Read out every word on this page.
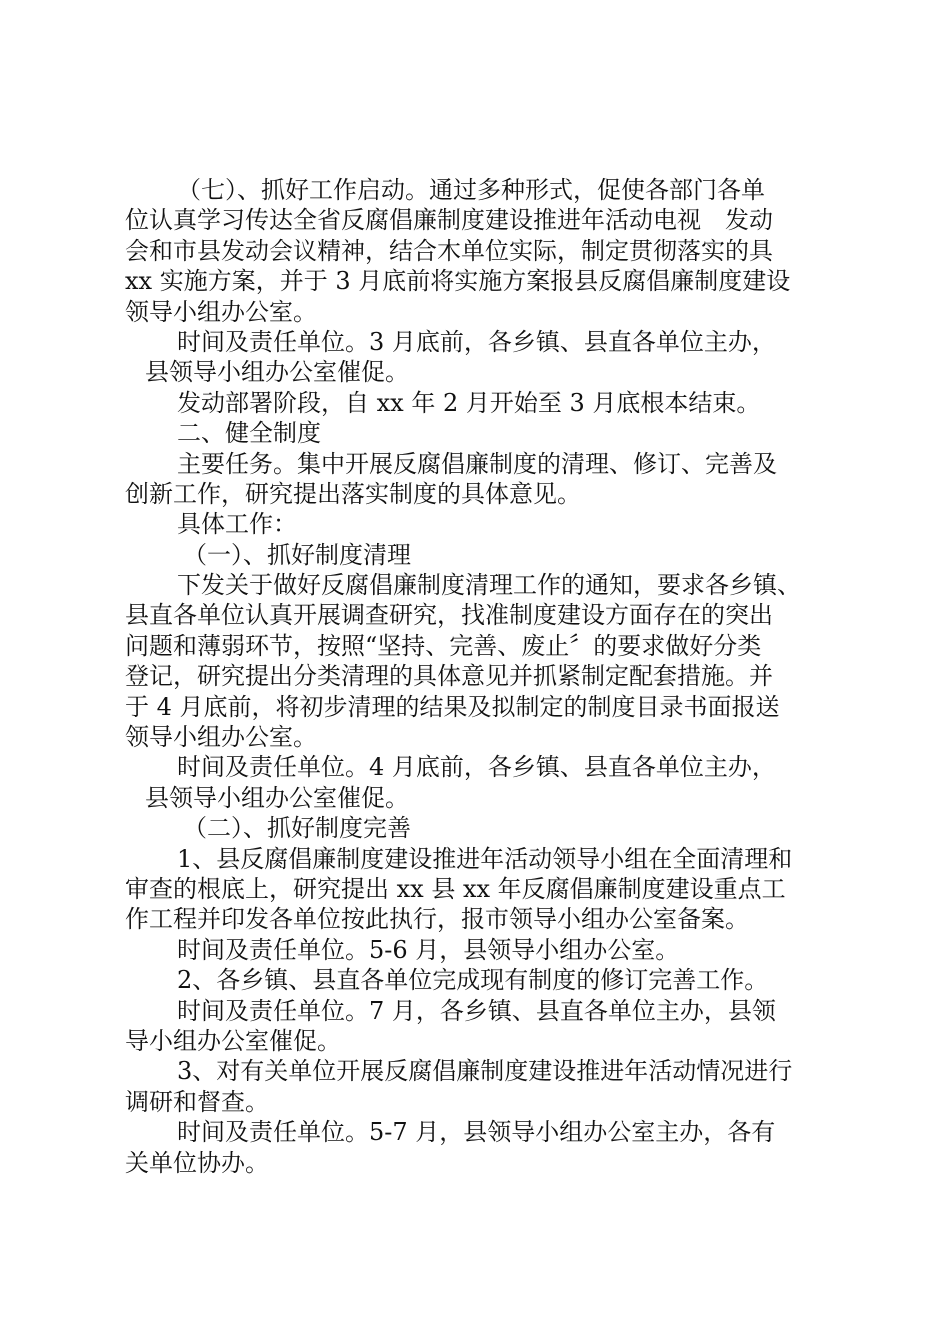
（七）、抓好工作启动。通过多种形式，促使各部门各单
位认真学习传达全省反腐倡廉制度建设推进年活动电视　发动
会和市县发动会议精神，结合木单位实际，制定贯彻落实的具
xx 实施方案，并于 3 月底前将实施方案报县反腐倡廉制度建设
领导小组办公室。
时间及责任单位。3 月底前，各乡镇、县直各单位主办，
县领导小组办公室催促。
发动部署阶段，自 xx 年 2 月开始至 3 月底根本结束。
二、健全制度
主要任务。集中开展反腐倡廉制度的清理、修订、完善及
创新工作，研究提出落实制度的具体意见。
具体工作：
（一）、抓好制度清理
下发关于做好反腐倡廉制度清理工作的通知，要求各乡镇、
县直各单位认真开展调查研究，找准制度建设方面存在的突出
问题和薄弱环节，按照“坚持、完善、废止〞的要求做好分类
登记，研究提出分类清理的具体意见并抓紧制定配套措施。并
于 4 月底前，将初步清理的结果及拟制定的制度目录书面报送
领导小组办公室。
时间及责任单位。4 月底前，各乡镇、县直各单位主办，
县领导小组办公室催促。
（二）、抓好制度完善
1、县反腐倡廉制度建设推进年活动领导小组在全面清理和
审查的根底上，研究提出 xx 县 xx 年反腐倡廉制度建设重点工
作工程并印发各单位按此执行，报市领导小组办公室备案。
时间及责任单位。5-6 月，县领导小组办公室。
2、各乡镇、县直各单位完成现有制度的修订完善工作。
时间及责任单位。7 月，各乡镇、县直各单位主办，县领
导小组办公室催促。
3、对有关单位开展反腐倡廉制度建设推进年活动情况进行
调研和督查。
时间及责任单位。5-7 月，县领导小组办公室主办，各有
关单位协办。
